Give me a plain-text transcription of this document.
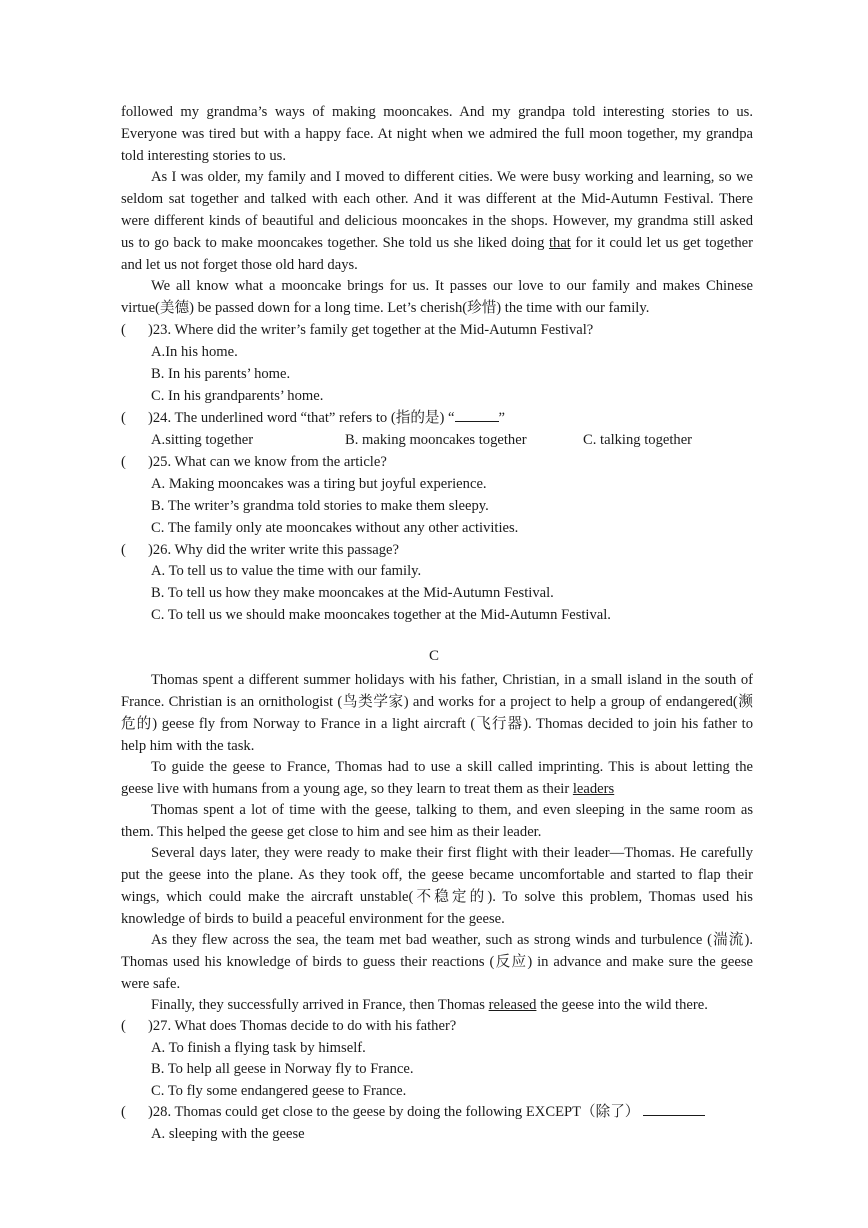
followed my grandma’s ways of making mooncakes. And my grandpa told interesting stories to us. Everyone was tired but with a happy face. At night when we admired the full moon together, my grandpa told interesting stories to us.

As I was older, my family and I moved to different cities. We were busy working and learning, so we seldom sat together and talked with each other. And it was different at the Mid-Autumn Festival. There were different kinds of beautiful and delicious mooncakes in the shops. However, my grandma still asked us to go back to make mooncakes together. She told us she liked doing that for it could let us get together and let us not forget those old hard days.

We all know what a mooncake brings for us. It passes our love to our family and makes Chinese virtue(美德) be passed down for a long time. Let’s cherish(珍惜) the time with our family.

( )23. Where did the writer’s family get together at the Mid-Autumn Festival?
A.In his home.
B. In his parents’ home.
C. In his grandparents’ home.
( )24. The underlined word “that” refers to (指的是) “	”
A.sitting together	B. making mooncakes together	C. talking together
( )25. What can we know from the article?
A. Making mooncakes was a tiring but joyful experience.
B. The writer’s grandma told stories to make them sleepy.
C. The family only ate mooncakes without any other activities.
( )26. Why did the writer write this passage?
A. To tell us to value the time with our family.
B. To tell us how they make mooncakes at the Mid-Autumn Festival.
C. To tell us we should make mooncakes together at the Mid-Autumn Festival.
C

Thomas spent a different summer holidays with his father, Christian, in a small island in the south of France. Christian is an ornithologist (鸟类学家) and works for a project to help a group of endangered(濒危的) geese fly from Norway to France in a light aircraft (飞行器). Thomas decided to join his father to help him with the task.

To guide the geese to France, Thomas had to use a skill called imprinting. This is about letting the geese live with humans from a young age, so they learn to treat them as their leaders

Thomas spent a lot of time with the geese, talking to them, and even sleeping in the same room as them. This helped the geese get close to him and see him as their leader.

Several days later, they were ready to make their first flight with their leader—Thomas. He carefully put the geese into the plane. As they took off, the geese became uncomfortable and started to flap their wings, which could make the aircraft unstable(不稳定的). To solve this problem, Thomas used his knowledge of birds to build a peaceful environment for the geese.

As they flew across the sea, the team met bad weather, such as strong winds and turbulence (湍流). Thomas used his knowledge of birds to guess their reactions (反应) in advance and make sure the geese were safe.

Finally, they successfully arrived in France, then Thomas released the geese into the wild there.

( )27. What does Thomas decide to do with his father?
A. To finish a flying task by himself.
B. To help all geese in Norway fly to France.
C. To fly some endangered geese to France.
( )28. Thomas could get close to the geese by doing the following EXCEPT（除了）
A. sleeping with the geese
